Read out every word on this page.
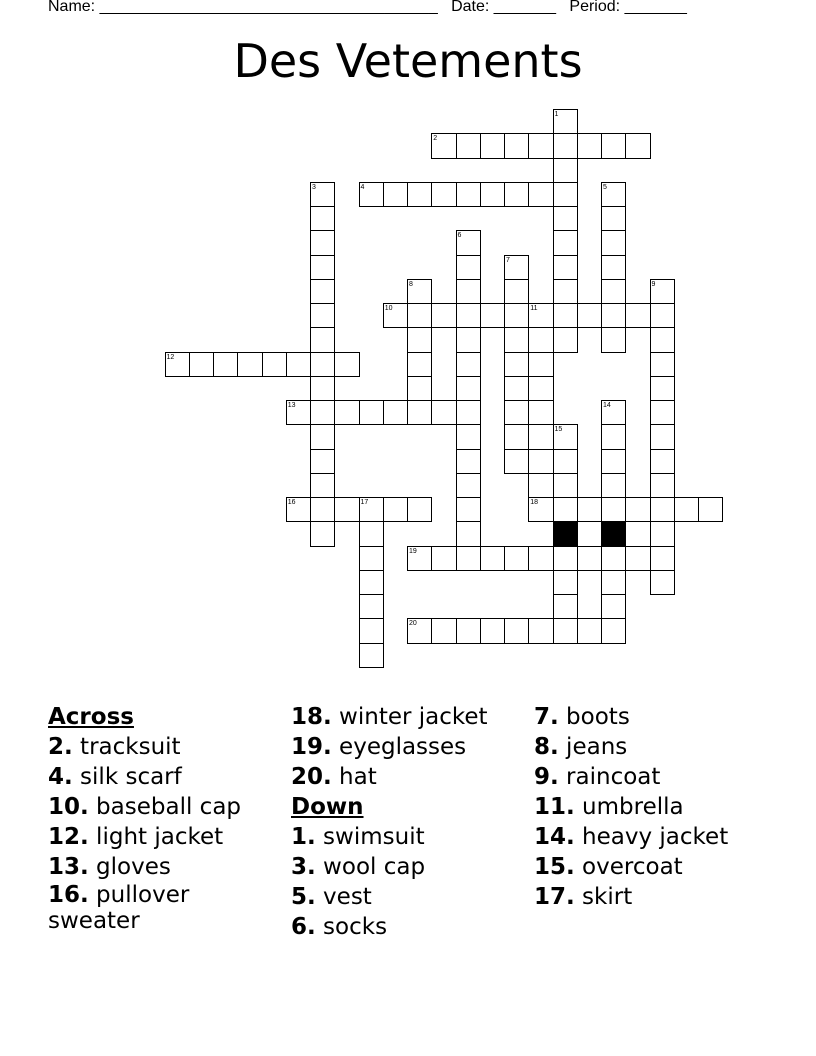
Name: ______________________________________ Date: _______ Period: _______
Des Vetements
1
2
3	4	5
6
7
8	9
10	11
12
13	14
15
16	17	18
19
20
Across
2. tracksuit
4. silk scarf
10. baseball cap
12. light jacket
13. gloves
16. pullover sweater
18. winter jacket
19. eyeglasses
20. hat
Down
1. swimsuit
3. wool cap
5. vest
6. socks
7. boots
8. jeans
9. raincoat
11. umbrella
14. heavy jacket
15. overcoat
17. skirt
